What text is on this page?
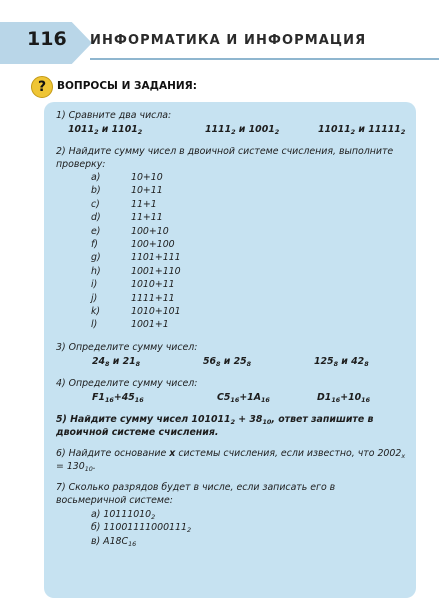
116 ИНФОРМАТИКА И ИНФОРМАЦИЯ
?	ВОПРОСЫ И ЗАДАНИЯ:
1) Сравните два числа:
$1011_2$ и $1101_2$	$1111_2$ и $1001_2$	$11011_2$ и $11111_2$
2) Найдите сумму чисел в двоичной системе счисления, выполните проверку:
a)	10+10
b)	10+11
c)	11+1
d)	11+11
e)	100+10
f)	100+100
g)	1101+111
h)	1001+110
i)	1010+11
j)	1111+11
k)	1010+101
l)	1001+1
3) Определите сумму чисел:
$24_8$ и $21_8$	$56_8$ и $25_8$	$125_8$ и $42_8$
4) Определите сумму чисел:
$F1_{16}+45_{16}$	$C5_{16}+1A_{16}$	$D1_{16}+10_{16}$
5) Найдите сумму чисел $101011_2 + 38_{10}$, ответ запишите в двоичной системе счисления.
6) Найдите основание x системы счисления, если известно, что $2002_x = 130_{10}$.
7) Сколько разрядов будет в числе, если записать его в восьмеричной системе:
а) $10111010_2$
б) $11001111000111_2$
в) $A18C_{16}$
